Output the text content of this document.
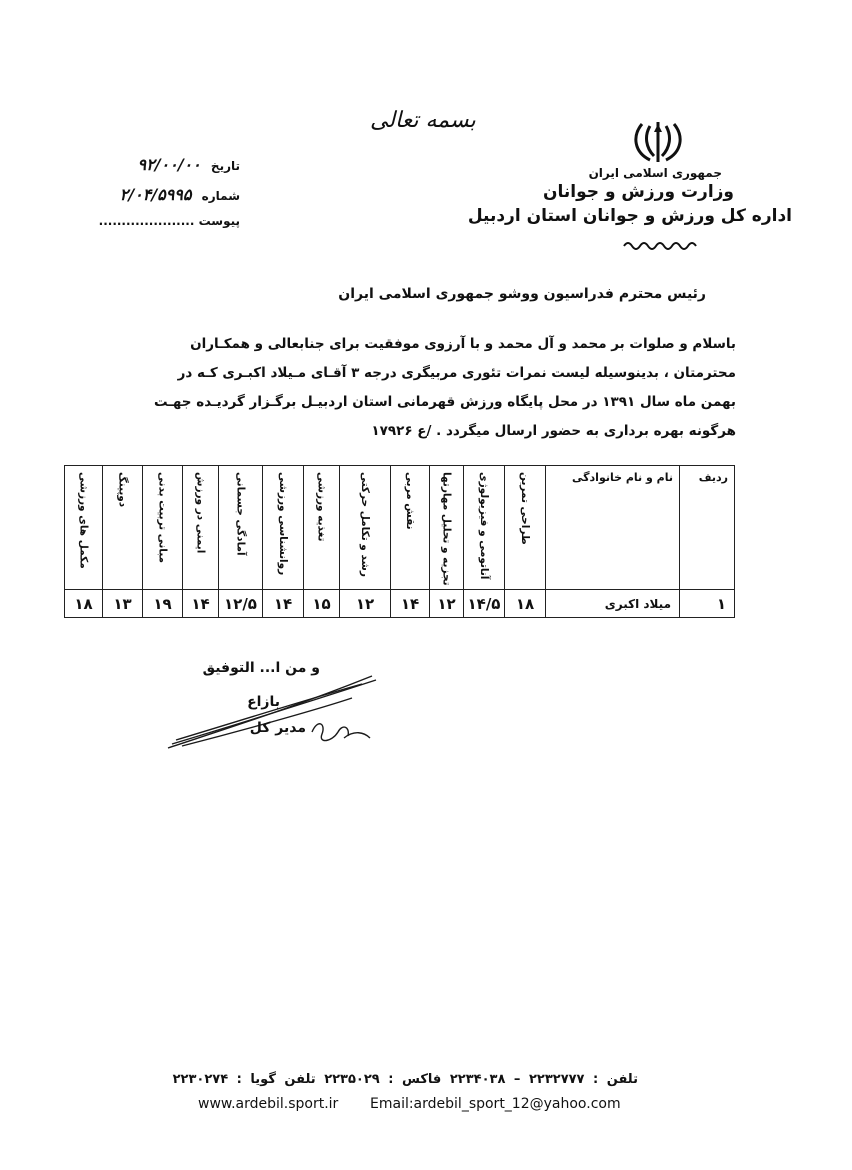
بسمه تعالی
جمهوری اسلامی ایران
وزارت ورزش و جوانان
اداره کل ورزش و جوانان استان اردبیل
تاریخ ۹۲/۰۰/۰۰
شماره ۲/۰۴/۵۹۹۵
پیوست .....................
رئیس محترم فدراسیون ووشو جمهوری اسلامی ایران

باسلام و صلوات بر محمد و آل محمد و با آرزوی موفقیت برای جنابعالی و همکـاران

محترمتان ، بدینوسیله لیست نمرات تئوری مربیگری درجه ۳ آقـای مـیلاد اکبـری کـه در

بهمن ماه سال ۱۳۹۱ در محل پایگاه ورزش قهرمانی استان اردبیـل برگـزار گردیـده جهـت

هرگونه بهره برداری به حضور ارسال میگردد . /ع ۱۷۹۲۶

ردیف	نام و نام خانوادگی	طراحی تمرین	آناتومی و فیزیولوژی	تجزیه و تحلیل مهارتها	نقش مربی	رشد و تکامل حرکتی	تغذیه ورزشی	روانشناسی ورزشی	آمادگی جسمانی	ایمنی در ورزش	مبانی تربیت بدنی	دوپینگ	مکمل های ورزشی

۱	میلاد اکبری	۱۸	۱۴/۵	۱۲	۱۴	۱۲	۱۵	۱۴	۱۲/۵	۱۴	۱۹	۱۳	۱۸
و من ا... التوفیق
بازاع
مدیر کل
تلفن : ۲۲۳۲۷۷۷ – ۲۲۳۴۰۳۸ فاکس : ۲۲۳۵۰۲۹ تلفن گویا : ۲۲۳۰۲۷۴
Email:ardebil_sport_12@yahoo.com
www.ardebil.sport.ir
